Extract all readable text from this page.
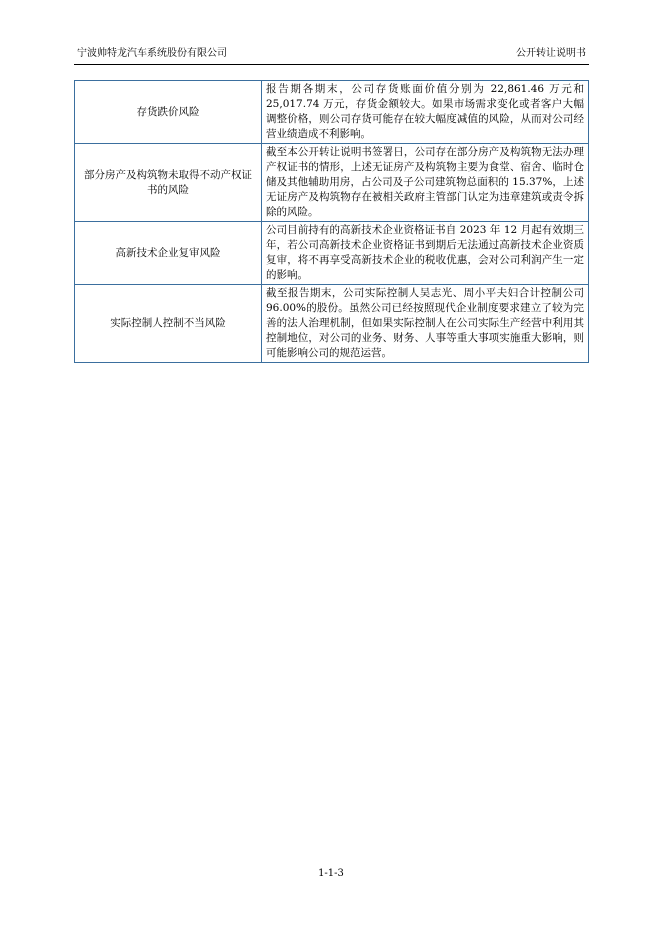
宁波帅特龙汽车系统股份有限公司	公开转让说明书
存货跌价风险	报告期各期末，公司存货账面价值分别为 22,861.46 万元和 25,017.74 万元，存货金额较大。如果市场需求变化或者客户大幅调整价格，则公司存货可能存在较大幅度减值的风险，从而对公司经营业绩造成不利影响。
部分房产及构筑物未取得不动产权证书的风险	截至本公开转让说明书签署日，公司存在部分房产及构筑物无法办理产权证书的情形，上述无证房产及构筑物主要为食堂、宿舍、临时仓储及其他辅助用房，占公司及子公司建筑物总面积的 15.37%，上述无证房产及构筑物存在被相关政府主管部门认定为违章建筑或责令拆除的风险。
高新技术企业复审风险	公司目前持有的高新技术企业资格证书自 2023 年 12 月起有效期三年，若公司高新技术企业资格证书到期后无法通过高新技术企业资质复审，将不再享受高新技术企业的税收优惠，会对公司利润产生一定的影响。
实际控制人控制不当风险	截至报告期末，公司实际控制人吴志光、周小平夫妇合计控制公司 96.00%的股份。虽然公司已经按照现代企业制度要求建立了较为完善的法人治理机制，但如果实际控制人在公司实际生产经营中利用其控制地位，对公司的业务、财务、人事等重大事项实施重大影响，则可能影响公司的规范运营。
1-1-3
